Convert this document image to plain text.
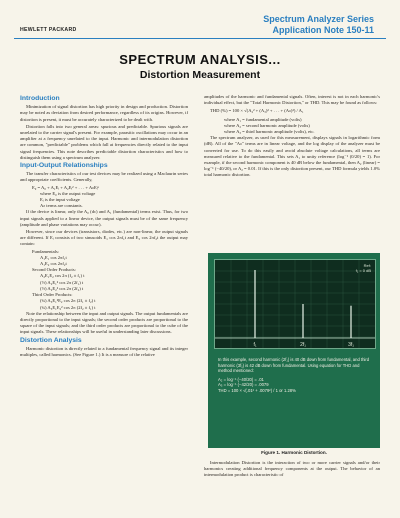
HEWLETT PACKARD
Spectrum Analyzer Series
Application Note 150-11
SPECTRUM ANALYSIS...
Distortion Measurement
Introduction

Minimization of signal distortion has high priority in design and production. Distortion may be noted as deviation from desired performance, regardless of its origins. However, if distortion is present, it must be accurately characterized to be dealt with.

Distortion falls into two general areas: spurious and predictable. Spurious signals are unrelated to the carrier signal's present. For example, parasitic oscillations may occur in an amplifier at a frequency unrelated to the input. Harmonic and intermodulation distortion are common, "predictable" problems which fall at frequencies directly related to the input signal frequencies. This note describes predictable distortion characteristics and how to distinguish them using a spectrum analyzer.

Input-Output Relationships

The transfer characteristics of our test devices may be realized using a Maclaurin series and appropriate coefficients. Generally,

E₀ = A₀ + A₁Eᵢ + A₂Eᵢ² + . . . + AₙEᵢⁿ
where E₀ is the output voltage
Eᵢ is the input voltage
Aₙ terms are constants.

If the device is linear, only the A₀ (dc) and A₁ (fundamental) terms exist. Thus, for two input signals applied to a linear device, the output signals must be of the same frequency (amplitude and phase variations may occur).

However, since our devices (transistors, diodes, etc.) are non-linear, the output signals are different. If Eᵢ consists of two sinusoids E₁ cos 2πf₁t and E₂ cos 2πf₂t the output may contain:

Fundamentals:
A₁E₁ cos 2πf₁t
A₁E₂ cos 2πf₂t
Second Order Products:
A₂E₁E₂ cos 2π (f₂ ± f₁) t
(½) A₂E₁² cos 2π (2f₁) t
(½) A₂E₂² cos 2π (2f₂) t
Third Order Products:
(¾) A₃E₁²E₂ cos 2π (2f₁ ± f₂) t
(¾) A₃E₁E₂² cos 2π (2f₂ ± f₁) t

Note the relationship between the input and output signals. The output fundamentals are directly proportional to the input signals; the second order products are proportional to the square of the input signals; and the third order products are proportional to the cube of the input signals. These relationships will be useful in understanding later discussions.

Distortion Analysis

Harmonic distortion is directly related to a fundamental frequency signal and its integer multiples, called harmonics. (See Figure 1.) It is a measure of the relative

amplitudes of the harmonic and fundamental signals. Often, interest is not in each harmonic's individual effect, but the "Total Harmonic Distortion," or THD. This may be found as follows:

THD (%) = 100 × √(A₂² + (A₃)² + . . . + (Aₙ)²) / A₁
where A₁ = fundamental amplitude (volts)
where A₂ = second harmonic amplitude (volts)
where A₃ = third harmonic amplitude (volts), etc.

The spectrum analyzer, as used for this measurement, displays signals in logarithmic form (dB). All of the "Aₙ" terms are in linear voltage, and the log display of the analyzer must be converted for use. To do this easily and avoid absolute voltage calculations, all terms are measured relative to the fundamental. This sets A₁ to unity reference (log⁻¹ (0/20) = 1). For example, if the second harmonic component is 40 dB below the fundamental, then A₂ (linear) = log⁻¹ (−40/20), or A₂ = 0.01. If this is the only distortion present, our THD formula yields 1.0% total harmonic distortion.

f₁	2f₁	3f₁
Ref:
f₁ = 0 dB
In this example, second harmonic (2f₁) is 40 dB down from fundamental, and third harmonic (3f₁) is 42 dB down from fundamental. Using equation for THD and method mentioned:
A₂ = log⁻¹ (−40/20) = .01
A₃ = log⁻¹ (−42/20) = .0079
THD = 100 × √(.01² + .0079²) / 1 or 1.28%
Figure 1. Harmonic Distortion.
Intermodulation Distortion is the interaction of two or more carrier signals and/or their harmonics creating additional frequency components at the output. The behavior of an intermodulation product is characteristic of
